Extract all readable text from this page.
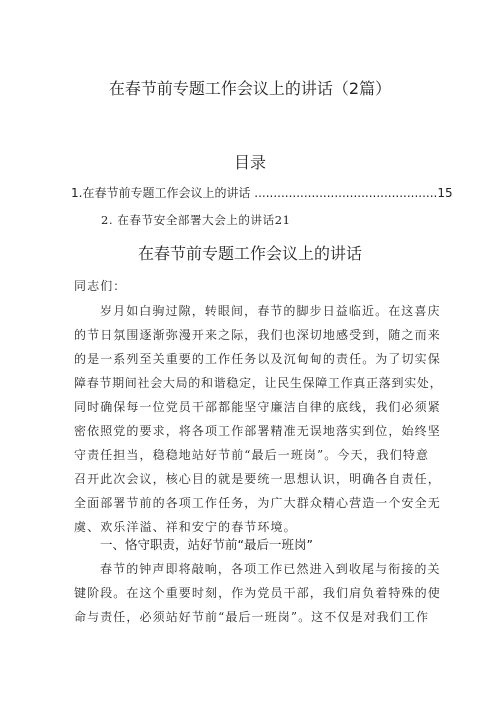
在春节前专题工作会议上的讲话（2篇）
目录
1.在春节前专题工作会议上的讲话 ................................................15
2. 在春节安全部署大会上的讲话21
在春节前专题工作会议上的讲话
同志们：
岁月如白驹过隙，转眼间，春节的脚步日益临近。在这喜庆
的节日氛围逐渐弥漫开来之际，我们也深切地感受到，随之而来
的是一系列至关重要的工作任务以及沉甸甸的责任。为了切实保
障春节期间社会大局的和谐稳定，让民生保障工作真正落到实处，
同时确保每一位党员干部都能坚守廉洁自律的底线，我们必须紧
密依照党的要求，将各项工作部署精准无误地落实到位，始终坚
守责任担当，稳稳地站好节前“最后一班岗”。今天，我们特意
召开此次会议，核心目的就是要统一思想认识，明确各自责任，
全面部署节前的各项工作任务，为广大群众精心营造一个安全无
虞、欢乐洋溢、祥和安宁的春节环境。
一、恪守职责，站好节前“最后一班岗”
春节的钟声即将敲响，各项工作已然进入到收尾与衔接的关
键阶段。在这个重要时刻，作为党员干部，我们肩负着特殊的使
命与责任，必须站好节前“最后一班岗”。这不仅是对我们工作
